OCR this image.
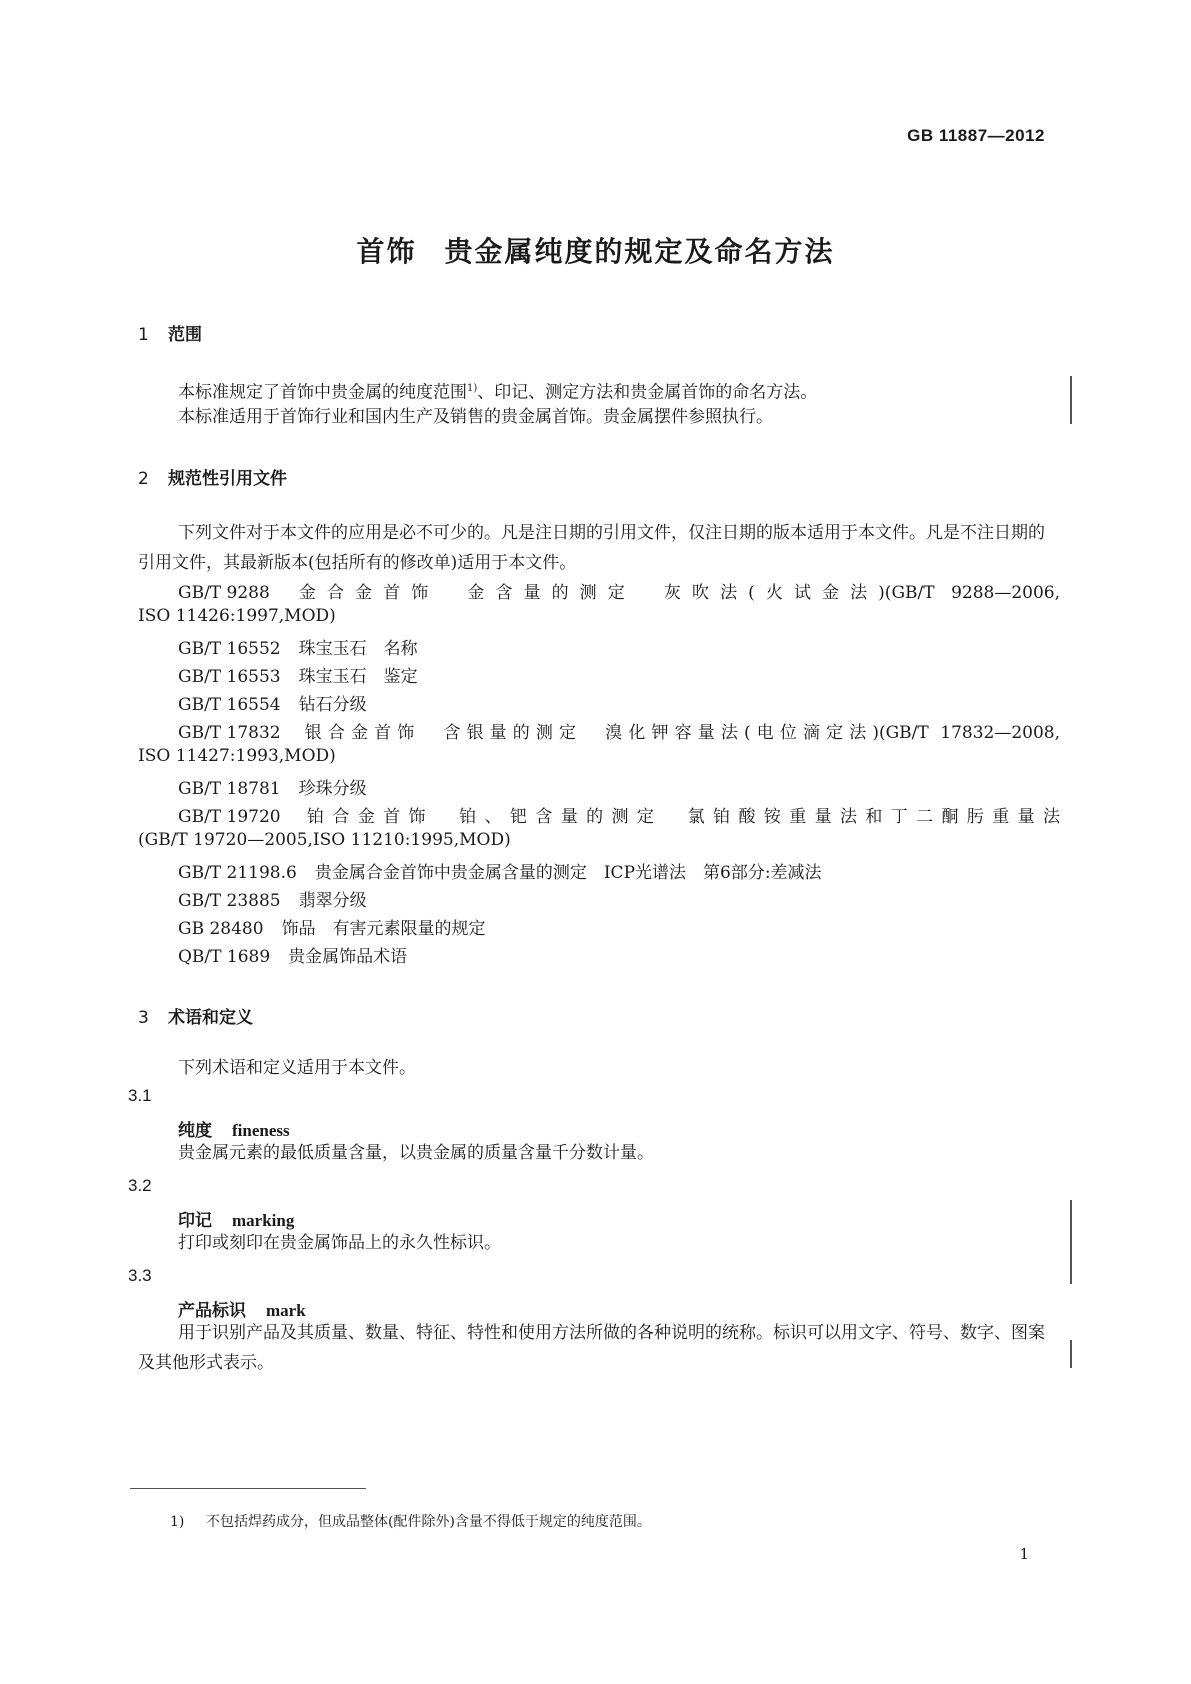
GB 11887—2012
首饰 贵金属纯度的规定及命名方法
1 范围
本标准规定了首饰中贵金属的纯度范围$^{1)}$、印记、测定方法和贵金属首饰的命名方法。
本标准适用于首饰行业和国内生产及销售的贵金属首饰。贵金属摆件参照执行。
2 规范性引用文件
下列文件对于本文件的应用是必不可少的。凡是注日期的引用文件，仅注日期的版本适用于本文件。凡是不注日期的引用文件，其最新版本(包括所有的修改单)适用于本文件。
GB/T 9288 金合金首饰　金含量的测定　灰吹法(火试金法)(GB/T 9288—2006,
ISO 11426:1997,MOD)
GB/T 16552 珠宝玉石　名称
GB/T 16553 珠宝玉石　鉴定
GB/T 16554 钻石分级
GB/T 17832 银合金首饰　含银量的测定　溴化钾容量法(电位滴定法)(GB/T 17832—2008,
ISO 11427:1993,MOD)
GB/T 18781 珍珠分级
GB/T 19720 铂合金首饰　铂、钯含量的测定　氯铂酸铵重量法和丁二酮肟重量法
(GB/T 19720—2005,ISO 11210:1995,MOD)
GB/T 21198.6 贵金属合金首饰中贵金属含量的测定　ICP光谱法　第6部分:差减法
GB/T 23885 翡翠分级
GB 28480 饰品　有害元素限量的规定
QB/T 1689 贵金属饰品术语
3 术语和定义
下列术语和定义适用于本文件。
3.1
纯度 fineness
贵金属元素的最低质量含量，以贵金属的质量含量千分数计量。
3.2
印记 marking
打印或刻印在贵金属饰品上的永久性标识。
3.3
产品标识 mark
用于识别产品及其质量、数量、特征、特性和使用方法所做的各种说明的统称。标识可以用文字、符号、数字、图案及其他形式表示。
1) 不包括焊药成分，但成品整体(配件除外)含量不得低于规定的纯度范围。
1
